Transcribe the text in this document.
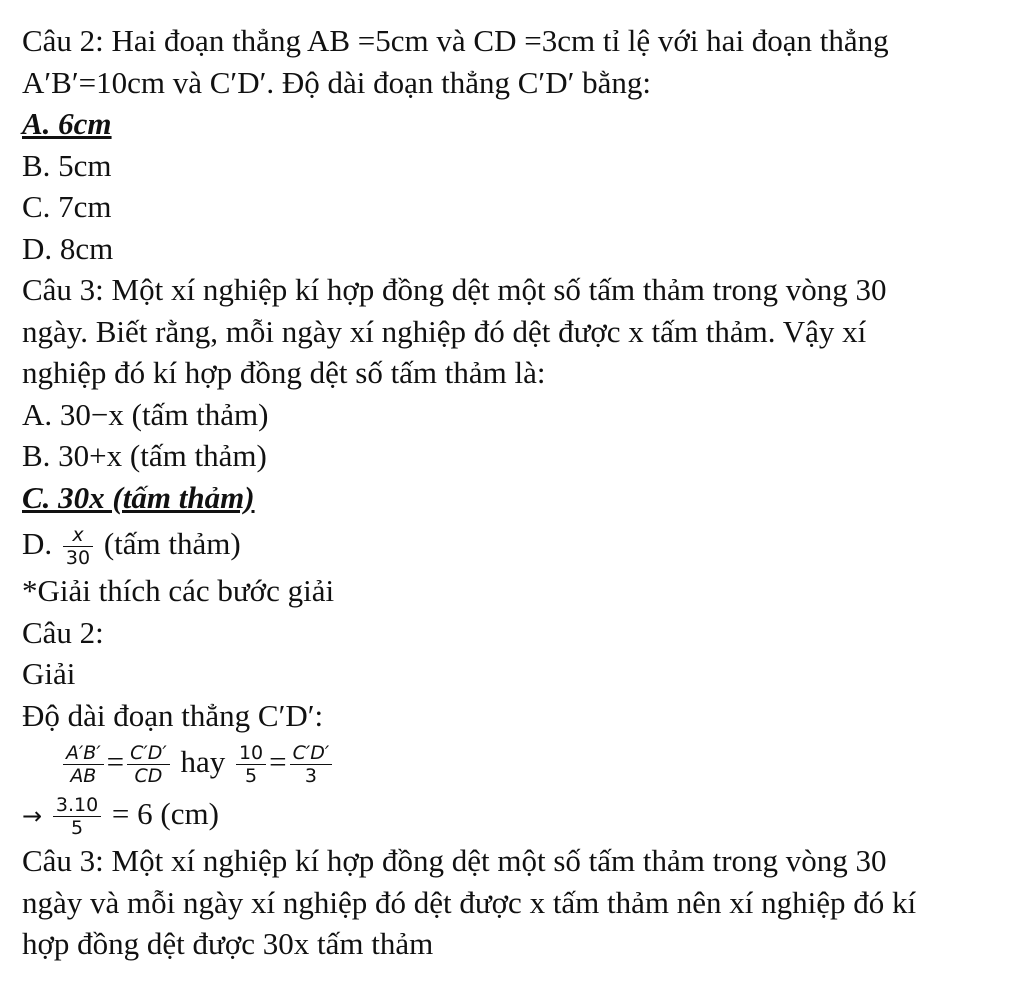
Câu 2: Hai đoạn thẳng AB =5cm và CD =3cm tỉ lệ với hai đoạn thẳng
A′B′=10cm và C′D′. Độ dài đoạn thẳng C′D′ bằng:
A. 6cm
B. 5cm
C. 7cm
D. 8cm
Câu 3: Một xí nghiệp kí hợp đồng dệt một số tấm thảm trong vòng 30
ngày. Biết rằng, mỗi ngày xí nghiệp đó dệt được x tấm thảm. Vậy xí
nghiệp đó kí hợp đồng dệt số tấm thảm là:
A. 30−x (tấm thảm)
B. 30+x (tấm thảm)
C. 30x (tấm thảm)
D. $\frac{x}{30}$ (tấm thảm)
*Giải thích các bước giải
Câu 2:
Giải
Độ dài đoạn thẳng C′D′:
$\frac{A'B'}{AB} = \frac{C'D'}{CD}$ hay $\frac{10}{5} = \frac{C'D'}{3}$
→ $\frac{3.10}{5} = 6$ (cm)
Câu 3: Một xí nghiệp kí hợp đồng dệt một số tấm thảm trong vòng 30
ngày và mỗi ngày xí nghiệp đó dệt được x tấm thảm nên xí nghiệp đó kí
hợp đồng dệt được 30x tấm thảm
